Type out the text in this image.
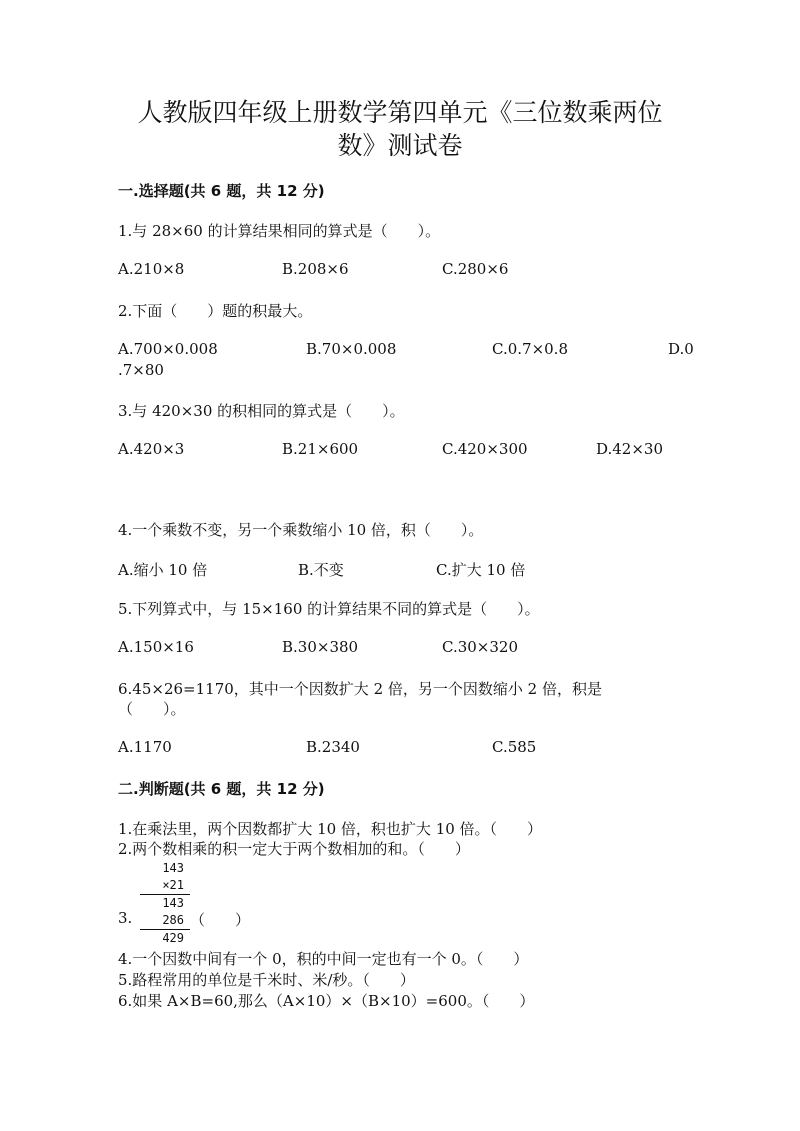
人教版四年级上册数学第四单元《三位数乘两位
数》测试卷
一.选择题(共 6 题，共 12 分)
1.与 28×60 的计算结果相同的算式是（　　）。
A.210×8	B.208×6	C.280×6
2.下面（　　）题的积最大。
A.700×0.008	B.70×0.008	C.0.7×0.8	D.0
.7×80
3.与 420×30 的积相同的算式是（　　）。
A.420×3	B.21×600	C.420×300	D.42×30
4.一个乘数不变，另一个乘数缩小 10 倍，积（　　）。
A.缩小 10 倍	B.不变	C.扩大 10 倍
5.下列算式中，与 15×160 的计算结果不同的算式是（　　）。
A.150×16	B.30×380	C.30×320
6.45×26=1170，其中一个因数扩大 2 倍，另一个因数缩小 2 倍，积是
（　　）。
A.1170	B.2340	C.585
二.判断题(共 6 题，共 12 分)
1.在乘法里，两个因数都扩大 10 倍，积也扩大 10 倍。（　　）
2.两个数相乘的积一定大于两个数相加的和。（　　）
143
×21
143
286
429
3.	（　　）
4.一个因数中间有一个 0，积的中间一定也有一个 0。（　　）
5.路程常用的单位是千米时、米/秒。（　　）
6.如果 A×B=60,那么（A×10）×（B×10）=600。（　　）
